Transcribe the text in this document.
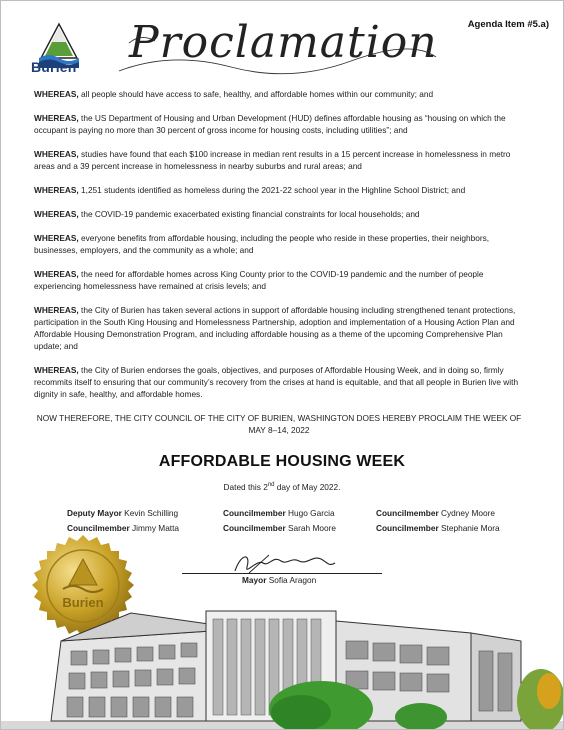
Burien Proclamation	Agenda Item #5.a)

WHEREAS, all people should have access to safe, healthy, and affordable homes within our community; and

WHEREAS, the US Department of Housing and Urban Development (HUD) defines affordable housing as “housing on which the occupant is paying no more than 30 percent of gross income for housing costs, including utilities”; and

WHEREAS, studies have found that each $100 increase in median rent results in a 15 percent increase in homelessness in metro areas and a 39 percent increase in homelessness in nearby suburbs and rural areas; and

WHEREAS, 1,251 students identified as homeless during the 2021-22 school year in the Highline School District; and

WHEREAS, the COVID-19 pandemic exacerbated existing financial constraints for local households; and

WHEREAS, everyone benefits from affordable housing, including the people who reside in these properties, their neighbors, businesses, employers, and the community as a whole; and

WHEREAS, the need for affordable homes across King County prior to the COVID-19 pandemic and the number of people experiencing homelessness have remained at crisis levels; and

WHEREAS, the City of Burien has taken several actions in support of affordable housing including strengthened tenant protections, participation in the South King Housing and Homelessness Partnership, adoption and implementation of a Housing Action Plan and Affordable Housing Demonstration Program, and including affordable housing as a theme of the upcoming Comprehensive Plan update; and

WHEREAS, the City of Burien endorses the goals, objectives, and purposes of Affordable Housing Week, and in doing so, firmly recommits itself to ensuring that our community’s recovery from the crises at hand is equitable, and that all people in Burien live with dignity in safe, healthy, and affordable homes.

NOW THEREFORE, THE CITY COUNCIL OF THE CITY OF BURIEN, WASHINGTON DOES HEREBY PROCLAIM THE WEEK OF MAY 8–14, 2022

AFFORDABLE HOUSING WEEK
Dated this 2nd day of May 2022.
Deputy Mayor Kevin Schilling	Councilmember Hugo Garcia	Councilmember Cydney Moore
Councilmember Jimmy Matta	Councilmember Sarah Moore	Councilmember Stephanie Mora
Burien
Mayor Sofia Aragon
